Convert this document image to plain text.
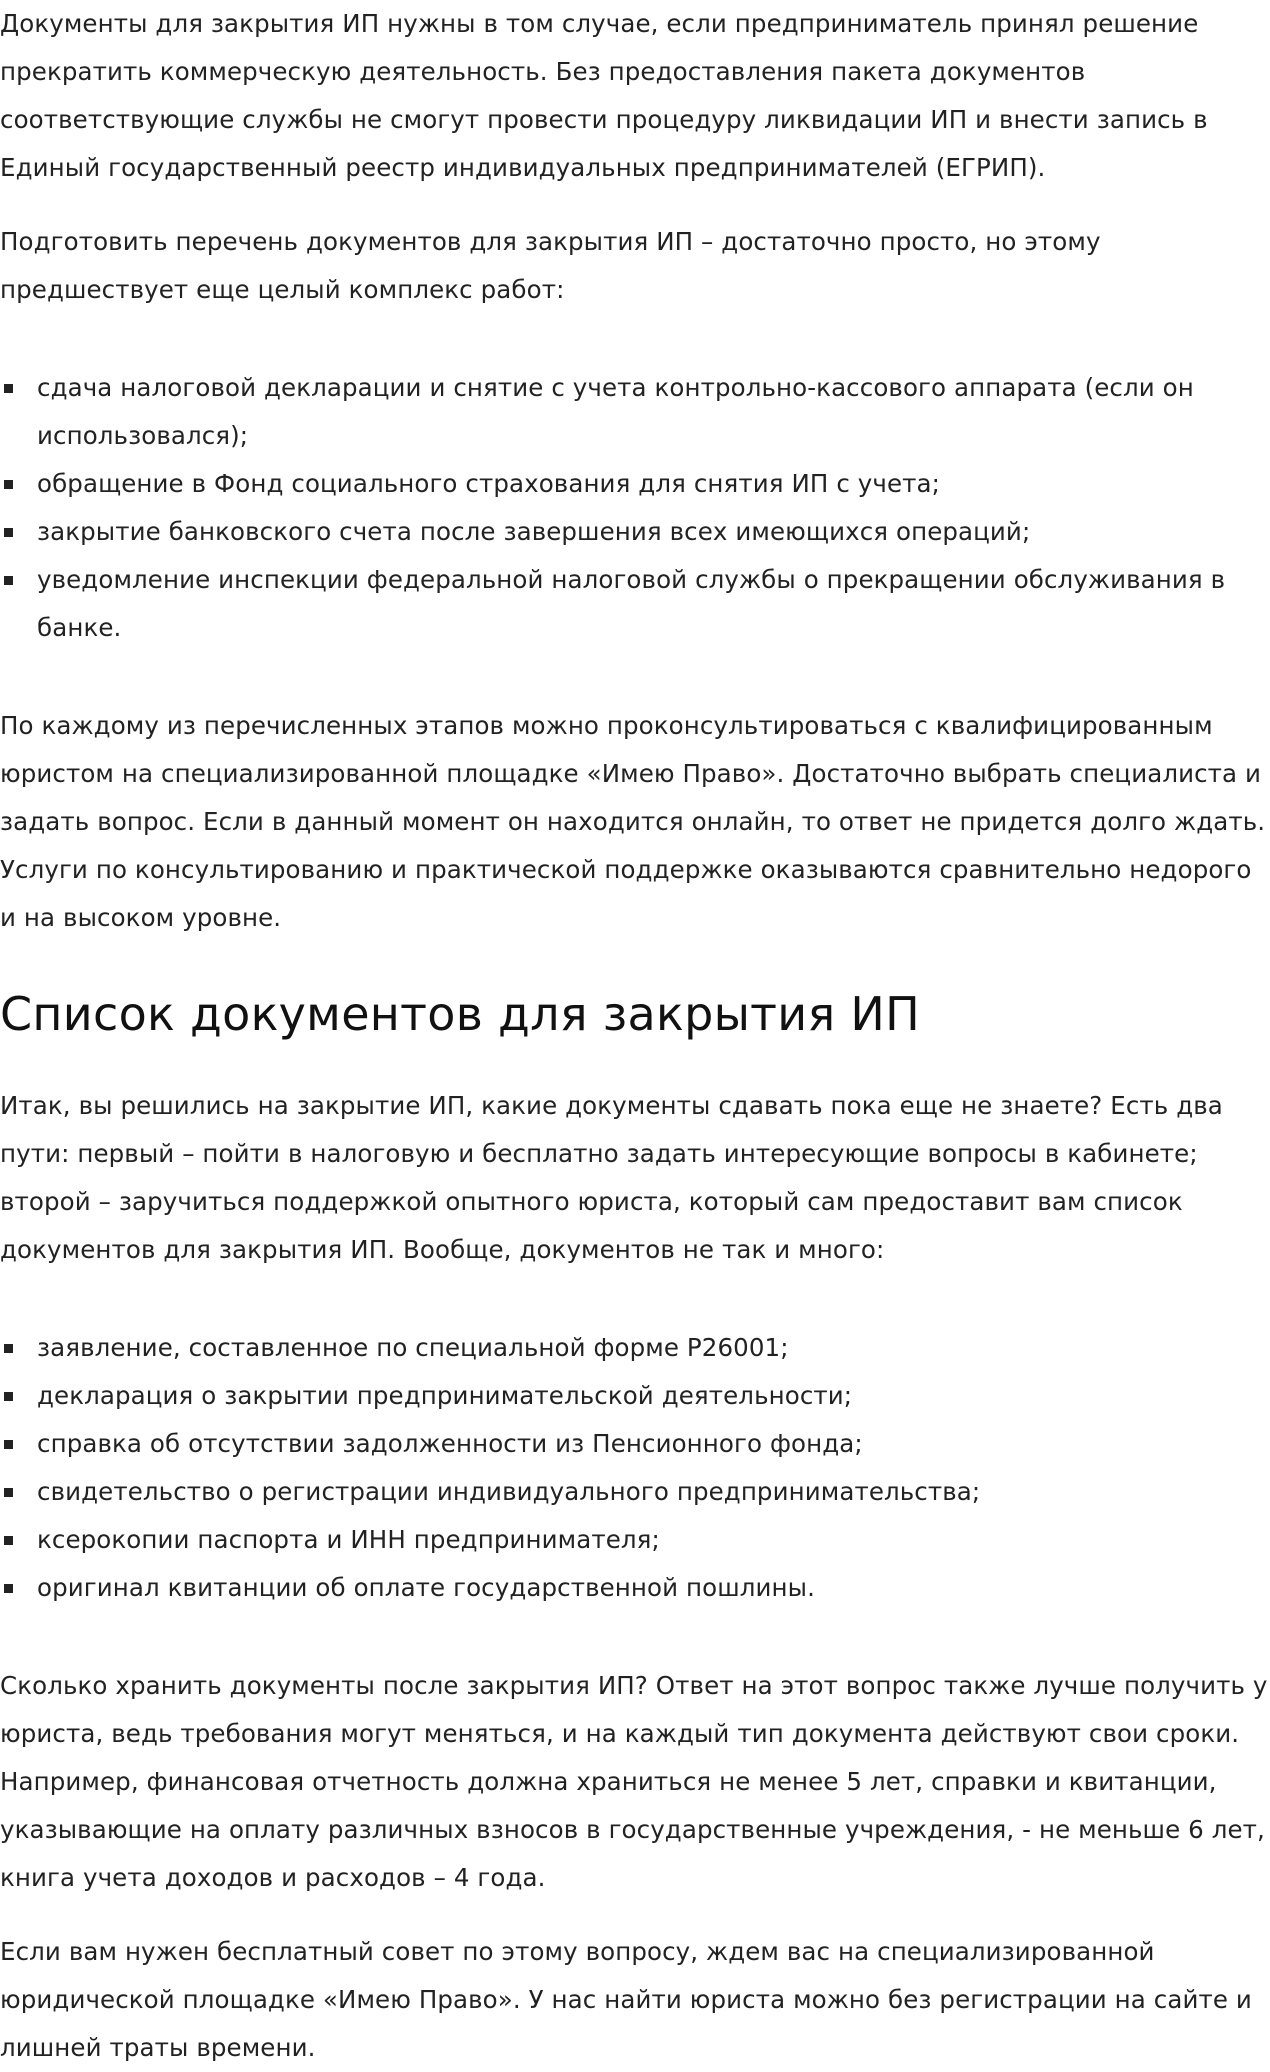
Документы для закрытия ИП нужны в том случае, если предприниматель принял решение прекратить коммерческую деятельность. Без предоставления пакета документов соответствующие службы не смогут провести процедуру ликвидации ИП и внести запись в Единый государственный реестр индивидуальных предпринимателей (ЕГРИП).

Подготовить перечень документов для закрытия ИП – достаточно просто, но этому предшествует еще целый комплекс работ:

сдача налоговой декларации и снятие с учета контрольно-кассового аппарата (если он использовался);
обращение в Фонд социального страхования для снятия ИП с учета;
закрытие банковского счета после завершения всех имеющихся операций;
уведомление инспекции федеральной налоговой службы о прекращении обслуживания в банке.

По каждому из перечисленных этапов можно проконсультироваться с квалифицированным юристом на специализированной площадке «Имею Право». Достаточно выбрать специалиста и задать вопрос. Если в данный момент он находится онлайн, то ответ не придется долго ждать. Услуги по консультированию и практической поддержке оказываются сравнительно недорого и на высоком уровне.

Список документов для закрытия ИП

Итак, вы решились на закрытие ИП, какие документы сдавать пока еще не знаете? Есть два пути: первый – пойти в налоговую и бесплатно задать интересующие вопросы в кабинете; второй – заручиться поддержкой опытного юриста, который сам предоставит вам список документов для закрытия ИП. Вообще, документов не так и много:

заявление, составленное по специальной форме Р26001;
декларация о закрытии предпринимательской деятельности;
справка об отсутствии задолженности из Пенсионного фонда;
свидетельство о регистрации индивидуального предпринимательства;
ксерокопии паспорта и ИНН предпринимателя;
оригинал квитанции об оплате государственной пошлины.

Сколько хранить документы после закрытия ИП? Ответ на этот вопрос также лучше получить у юриста, ведь требования могут меняться, и на каждый тип документа действуют свои сроки. Например, финансовая отчетность должна храниться не менее 5 лет, справки и квитанции, указывающие на оплату различных взносов в государственные учреждения, - не меньше 6 лет, книга учета доходов и расходов – 4 года.

Если вам нужен бесплатный совет по этому вопросу, ждем вас на специализированной юридической площадке «Имею Право». У нас найти юриста можно без регистрации на сайте и лишней траты времени.
